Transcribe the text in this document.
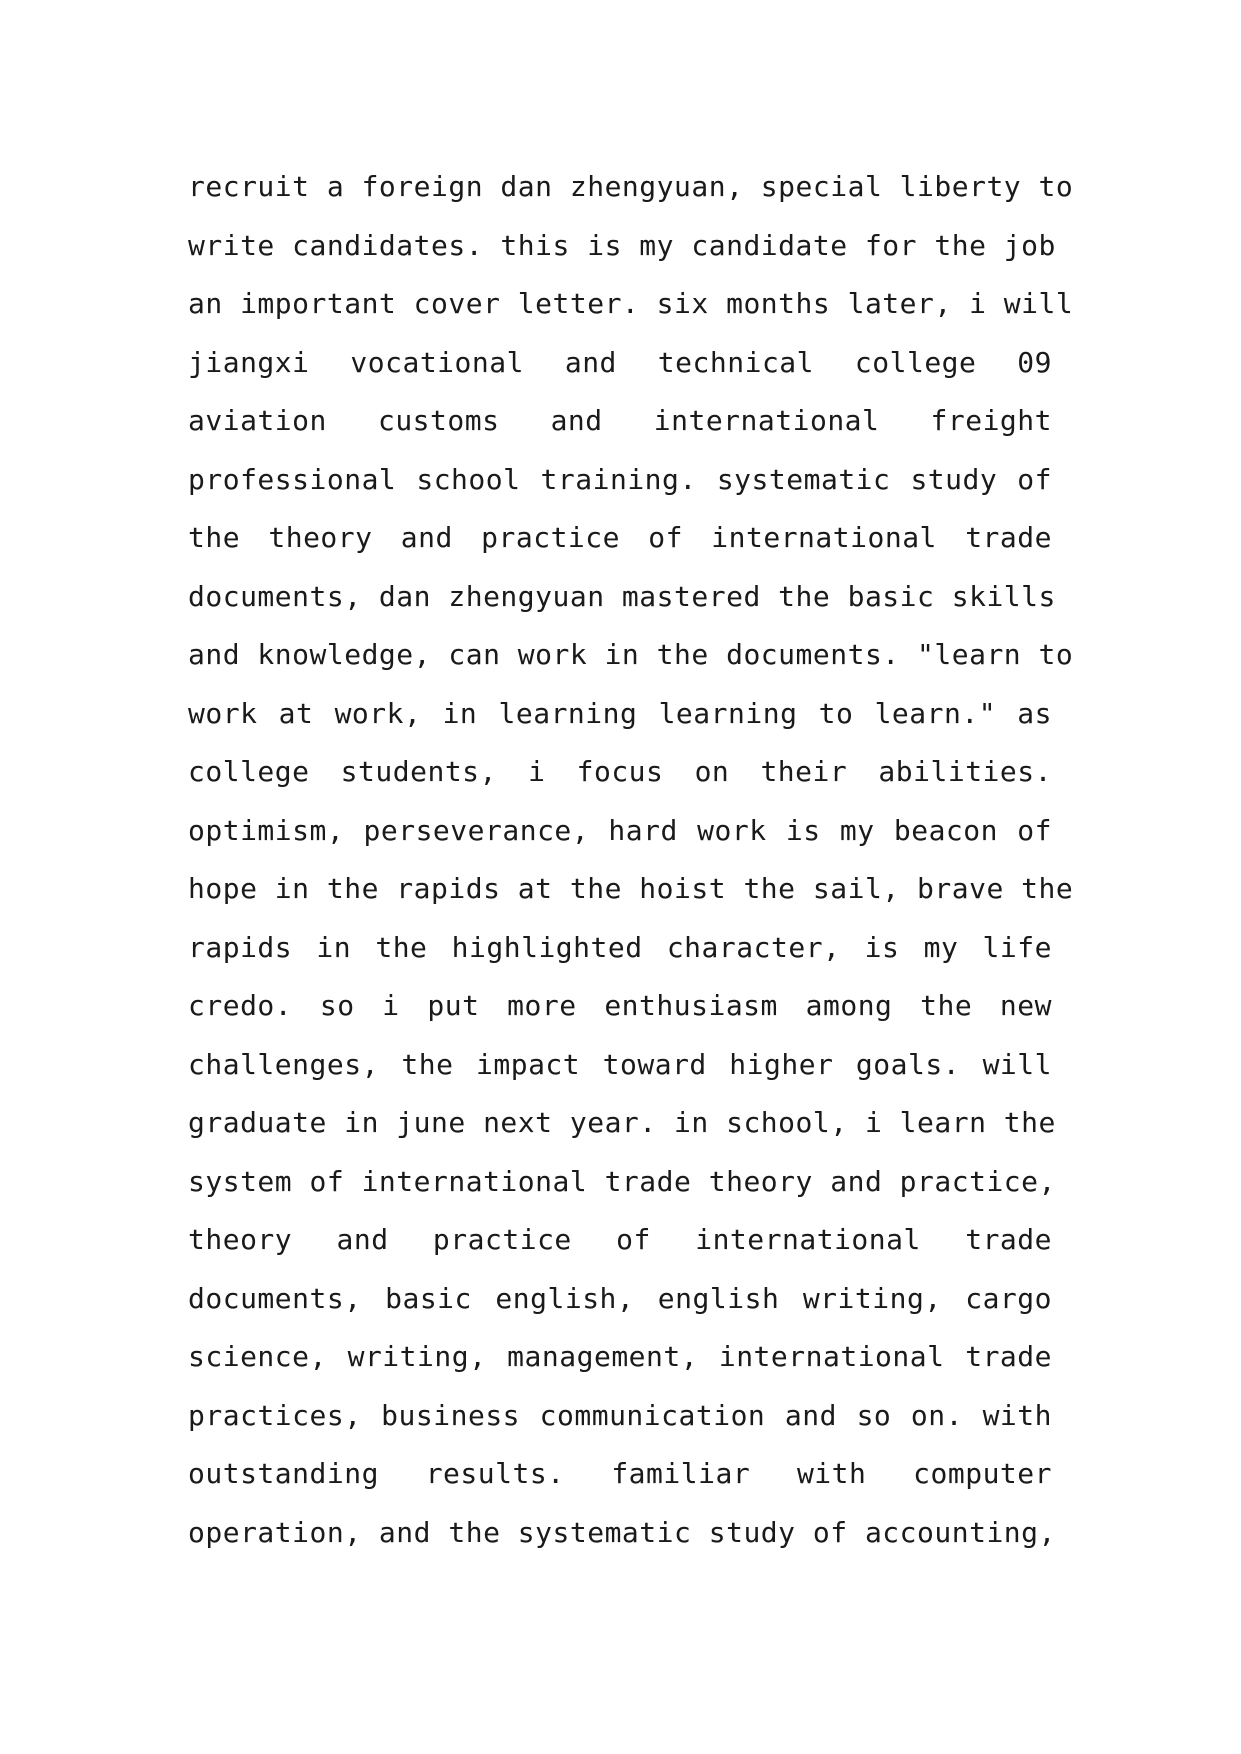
recruit a foreign dan zhengyuan, special liberty to
write candidates. this is my candidate for the job
an important cover letter. six months later, i will
jiangxi vocational and technical college 09
aviation customs and international freight
professional school training. systematic study of
the theory and practice of international trade
documents, dan zhengyuan mastered the basic skills
and knowledge, can work in the documents. "learn to
work at work, in learning learning to learn." as
college students, i focus on their abilities.
optimism, perseverance, hard work is my beacon of
hope in the rapids at the hoist the sail, brave the
rapids in the highlighted character, is my life
credo. so i put more enthusiasm among the new
challenges, the impact toward higher goals. will
graduate in june next year. in school, i learn the
system of international trade theory and practice,
theory and practice of international trade
documents, basic english, english writing, cargo
science, writing, management, international trade
practices, business communication and so on. with
outstanding results. familiar with computer
operation, and the systematic study of accounting,
